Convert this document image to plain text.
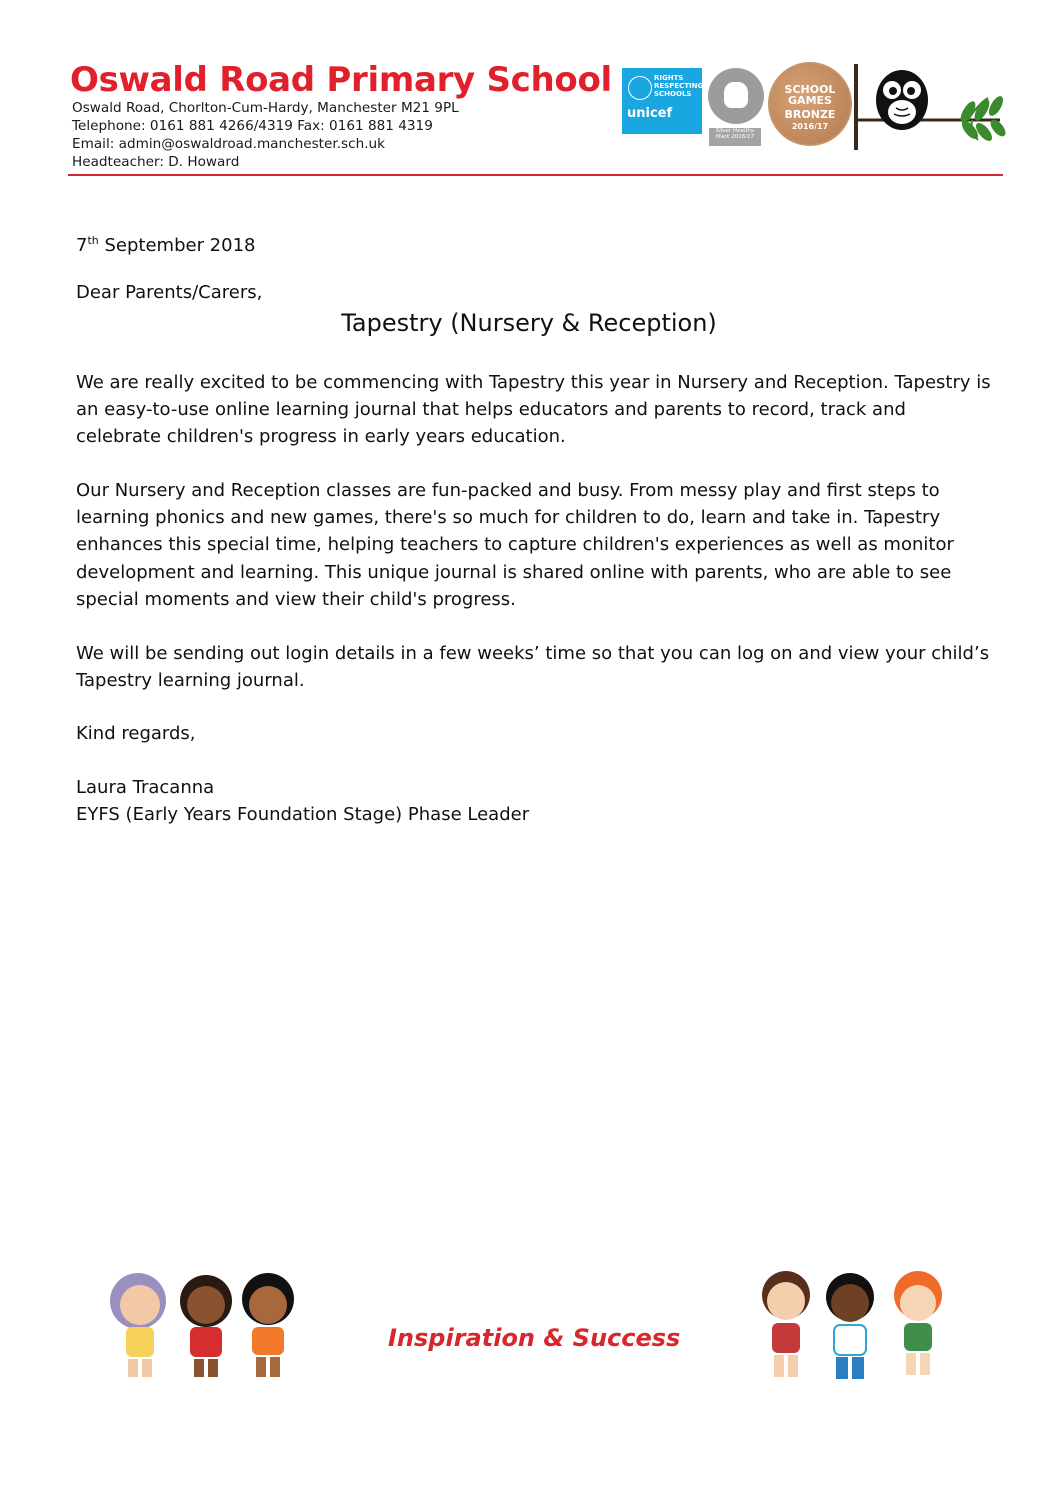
Oswald Road Primary School
Oswald Road, Chorlton-Cum-Hardy, Manchester M21 9PL
Telephone: 0161 881 4266/4319 Fax: 0161 881 4319
Email: admin@oswaldroad.manchester.sch.uk
Headteacher: D. Howard
RIGHTS RESPECTING SCHOOLS
unicef
Silver Healthy Mark 2016/17
SCHOOL GAMES
BRONZE
2016/17
7th September 2018
Dear Parents/Carers,
Tapestry (Nursery & Reception)
We are really excited to be commencing with Tapestry this year in Nursery and Reception. Tapestry is an easy-to-use online learning journal that helps educators and parents to record, track and celebrate children's progress in early years education.
Our Nursery and Reception classes are fun-packed and busy. From messy play and first steps to learning phonics and new games, there's so much for children to do, learn and take in. Tapestry enhances this special time, helping teachers to capture children's experiences as well as monitor development and learning. This unique journal is shared online with parents, who are able to see special moments and view their child's progress.
We will be sending out login details in a few weeks’ time so that you can log on and view your child’s Tapestry learning journal.
Kind regards,
Laura Tracanna
EYFS (Early Years Foundation Stage) Phase Leader
Inspiration & Success
